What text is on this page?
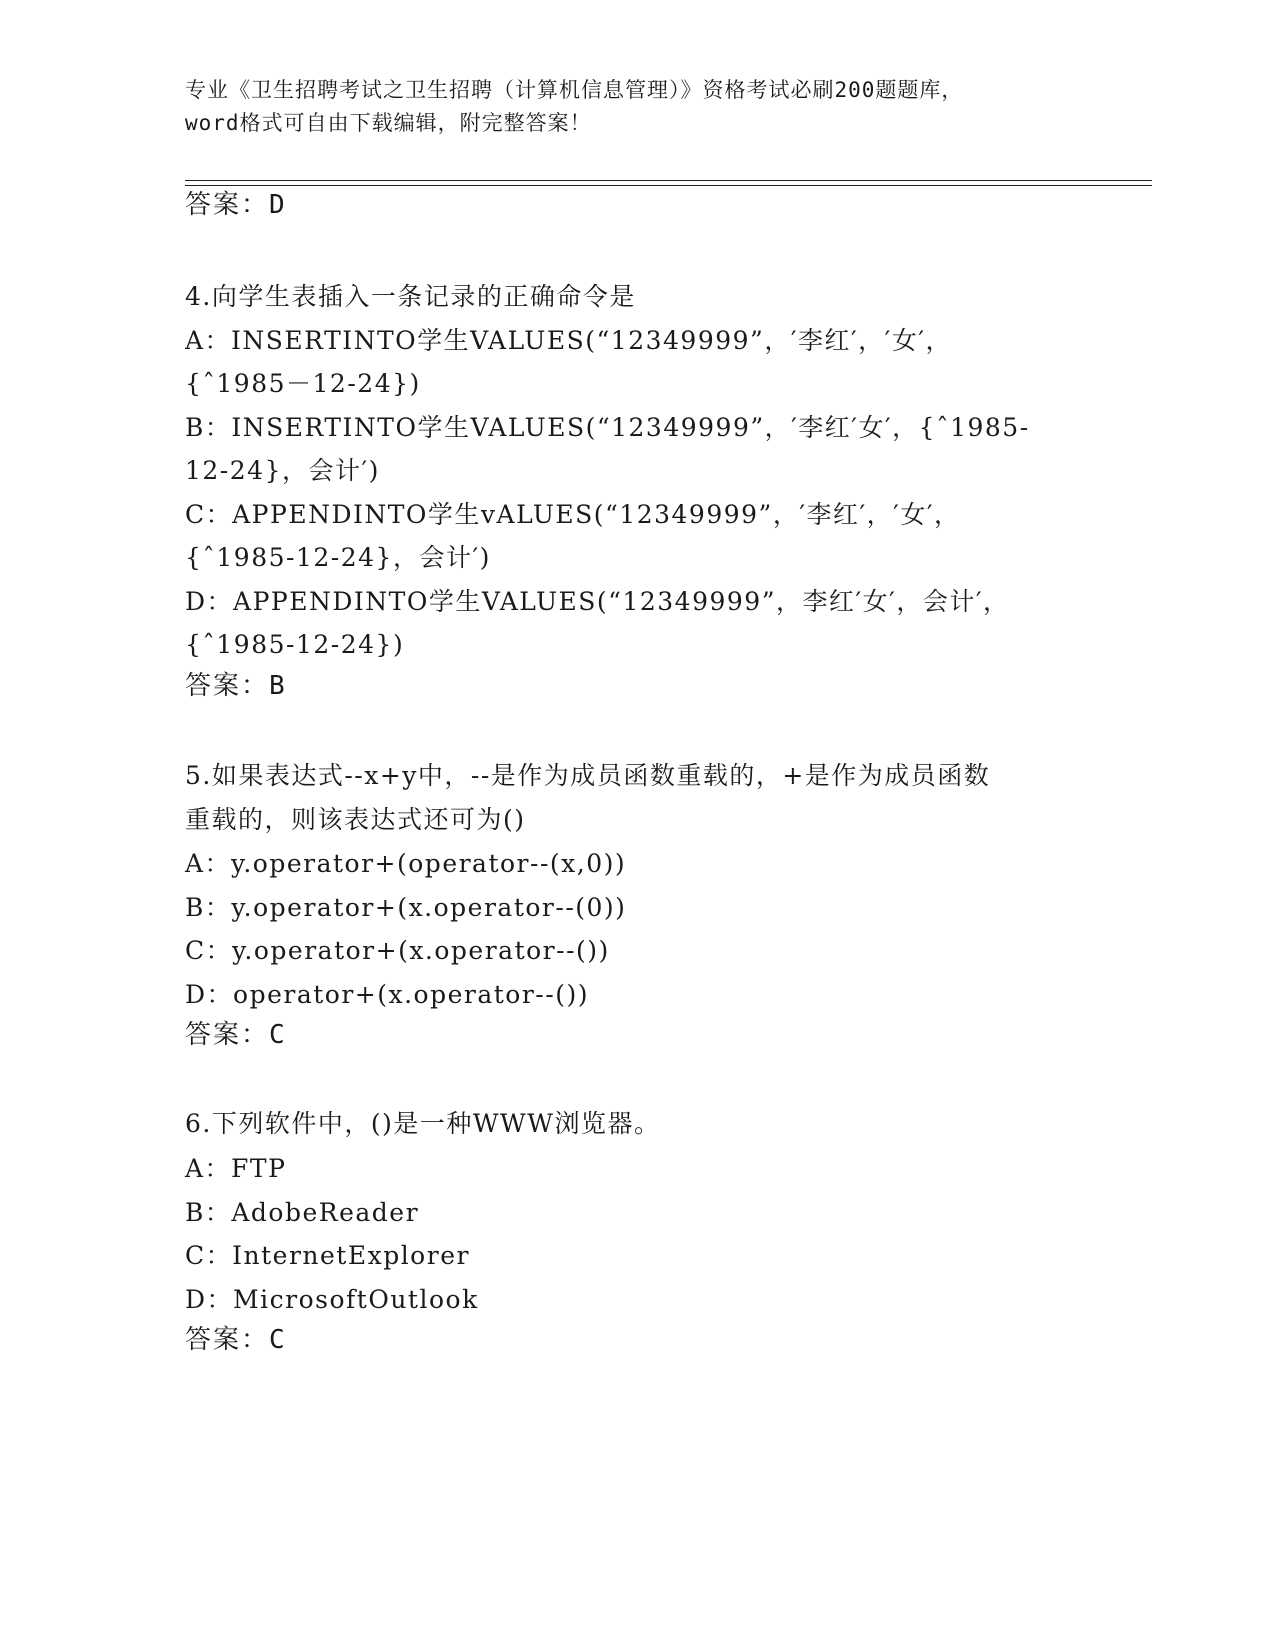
专业《卫生招聘考试之卫生招聘（计算机信息管理）》资格考试必刷200题题库，
word格式可自由下载编辑，附完整答案！
答案：D
4.向学生表插入一条记录的正确命令是
A：INSERTINTO学生VALUES(“12349999”，′李红′，′女′，
{ˆ1985－12-24})
B：INSERTINTO学生VALUES(“12349999”，′李红′女′，{ˆ1985-
12-24}，会计′)
C：APPENDINTO学生vALUES(“12349999”，′李红′，′女′，
{ˆ1985-12-24}，会计′)
D：APPENDINTO学生VALUES(“12349999”，李红′女′，会计′，
{ˆ1985-12-24})
答案：B
5.如果表达式--x+y中，--是作为成员函数重载的，+是作为成员函数
重载的，则该表达式还可为()
A：y.operator+(operator--(x,0))
B：y.operator+(x.operator--(0))
C：y.operator+(x.operator--())
D：operator+(x.operator--())
答案：C
6.下列软件中，()是一种WWW浏览器。
A：FTP
B：AdobeReader
C：InternetExplorer
D：MicrosoftOutlook
答案：C
